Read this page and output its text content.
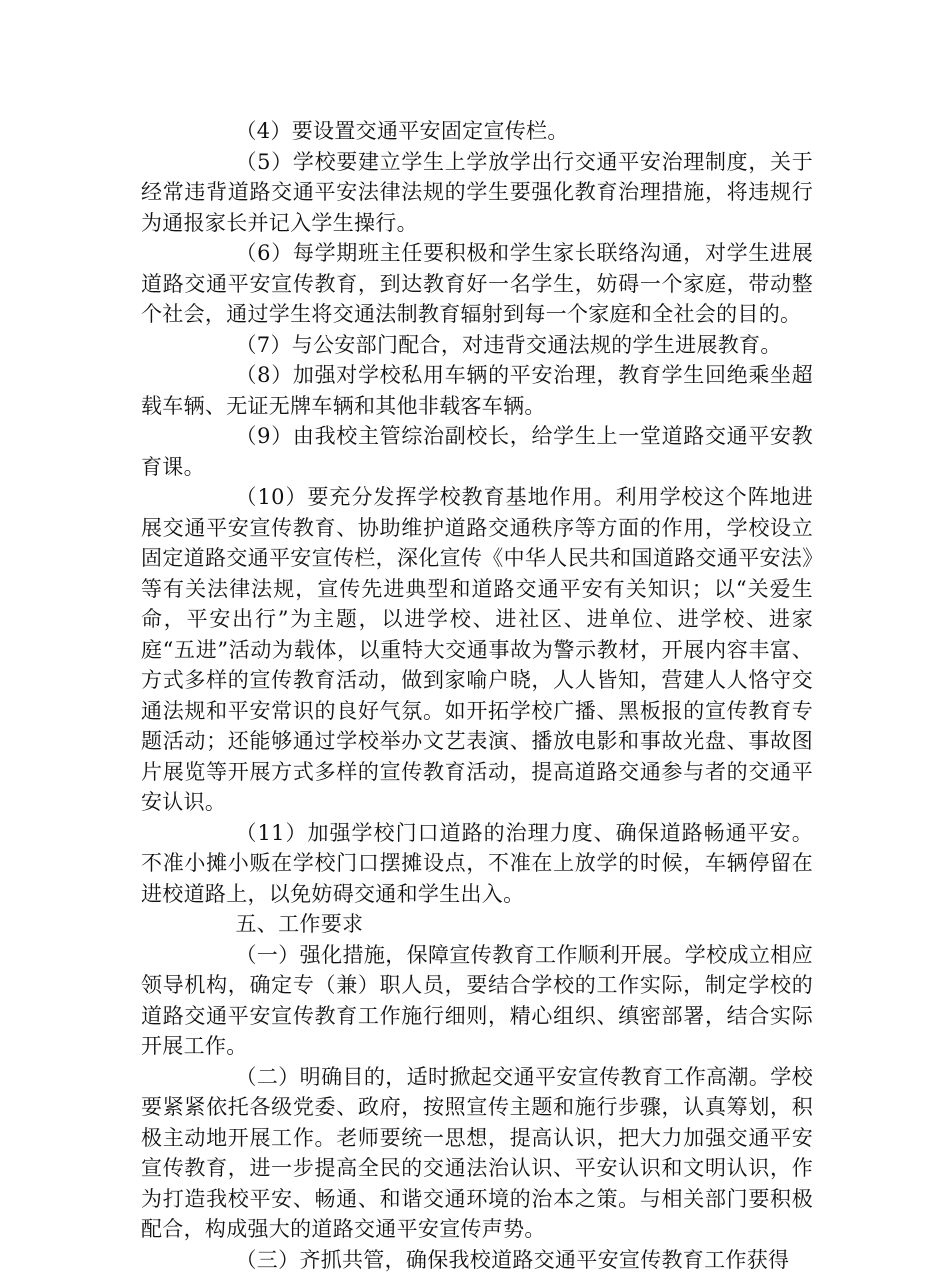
（4）要设置交通平安固定宣传栏。

（5）学校要建立学生上学放学出行交通平安治理制度，关于经常违背道路交通平安法律法规的学生要强化教育治理措施，将违规行为通报家长并记入学生操行。

（6）每学期班主任要积极和学生家长联络沟通，对学生进展道路交通平安宣传教育，到达教育好一名学生，妨碍一个家庭，带动整个社会，通过学生将交通法制教育辐射到每一个家庭和全社会的目的。

（7）与公安部门配合，对违背交通法规的学生进展教育。

（8）加强对学校私用车辆的平安治理，教育学生回绝乘坐超载车辆、无证无牌车辆和其他非载客车辆。

（9）由我校主管综治副校长，给学生上一堂道路交通平安教育课。

（10）要充分发挥学校教育基地作用。利用学校这个阵地进展交通平安宣传教育、协助维护道路交通秩序等方面的作用，学校设立固定道路交通平安宣传栏，深化宣传《中华人民共和国道路交通平安法》等有关法律法规，宣传先进典型和道路交通平安有关知识；以“关爱生命，平安出行”为主题，以进学校、进社区、进单位、进学校、进家庭“五进”活动为载体，以重特大交通事故为警示教材，开展内容丰富、方式多样的宣传教育活动，做到家喻户晓，人人皆知，营建人人恪守交通法规和平安常识的良好气氛。如开拓学校广播、黑板报的宣传教育专题活动；还能够通过学校举办文艺表演、播放电影和事故光盘、事故图片展览等开展方式多样的宣传教育活动，提高道路交通参与者的交通平安认识。

（11）加强学校门口道路的治理力度、确保道路畅通平安。不准小摊小贩在学校门口摆摊设点，不准在上放学的时候，车辆停留在进校道路上，以免妨碍交通和学生出入。

五、工作要求

（一）强化措施，保障宣传教育工作顺利开展。学校成立相应领导机构，确定专（兼）职人员，要结合学校的工作实际，制定学校的道路交通平安宣传教育工作施行细则，精心组织、缜密部署，结合实际开展工作。

（二）明确目的，适时掀起交通平安宣传教育工作高潮。学校要紧紧依托各级党委、政府，按照宣传主题和施行步骤，认真筹划，积极主动地开展工作。老师要统一思想，提高认识，把大力加强交通平安宣传教育，进一步提高全民的交通法治认识、平安认识和文明认识，作为打造我校平安、畅通、和谐交通环境的治本之策。与相关部门要积极配合，构成强大的道路交通平安宣传声势。

（三）齐抓共管，确保我校道路交通平安宣传教育工作获得
